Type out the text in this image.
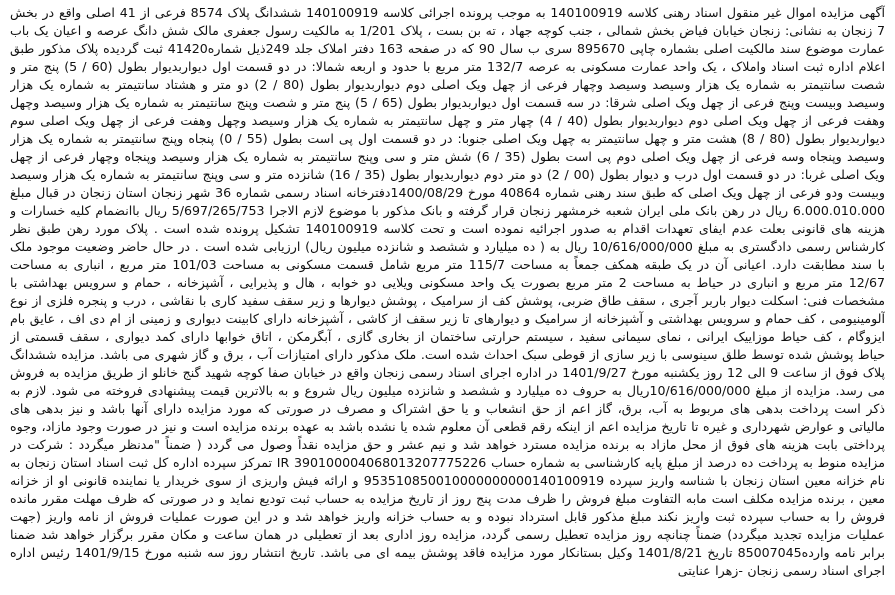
آگهی مزایده اموال غیر منقول اسناد رهنی کلاسه 140100919 به موجب پرونده اجرائی کلاسه 140100919 ششدانگ پلاک 8574 فرعی از 41 اصلی واقع در بخش 7 زنجان به نشانی: زنجان خیابان فیاض بخش شمالی ، جنب کوچه جهاد ، ته بن بست ، پلاک 1/201 به مالکیت رسول جعفری مالک شش دانگ عرصه و اعیان یک باب عمارت موضوع سند مالکیت اصلی بشماره چاپی 895670 سری ب سال 90 که در صفحه 163 دفتر املاک جلد 249ذیل شماره41420 ثبت گردیده پلاک مذکور طبق اعلام اداره ثبت اسناد واملاک ، یک واحد عمارت مسکونی به عرصه 132/7 متر مربع با حدود و اربعه شمالا: در دو قسمت اول دیواربدیوار بطول (60 / 5) پنج متر و شصت سانتیمتر به شماره یک هزار وسیصد وسیصد وچهار فرعی از چهل ویک اصلی دوم دیواربدیوار بطول (80 / 2) دو متر و هشتاد سانتیمتر به شماره یک هزار وسیصد وبیست وپنج فرعی از چهل ویک اصلی شرقا: در سه قسمت اول دیواربدیوار بطول (65 / 5) پنج متر و شصت وپنج سانتیمتر به شماره یک هزار وسیصد وچهل وهفت فرعی از چهل ویک اصلی دوم دیواربدیوار بطول (40 / 4) چهار متر و چهل سانتیمتر به شماره یک هزار وسیصد وچهل وهفت فرعی از چهل ویک اصلی سوم دیواربدیوار بطول (80 / 8) هشت متر و چهل سانتیمتر به چهل ویک اصلی جنوبا: در دو قسمت اول پی است بطول (55 / 0) پنجاه وپنج سانتیمتر به شماره یک هزار وسیصد وپنجاه وسه فرعی از چهل ویک اصلی دوم پی است بطول (35 / 6) شش متر و سی وپنج سانتیمتر به شماره یک هزار وسیصد وپنجاه وچهار فرعی از چهل ویک اصلی غربا: در دو قسمت اول درب و دیوار بطول (00 / 2) دو متر دوم دیواربدیوار بطول (35 / 16) شانزده متر و سی وپنج سانتیمتر به شماره یک هزار وسیصد وبیست ودو فرعی از چهل ویک اصلی که طبق سند رهنی شماره 40864 مورخ 1400/08/29دفترخانه اسناد رسمی شماره 36 شهر زنجان استان زنجان در قبال مبلغ 6.000.010.000 ریال در رهن بانک ملی ایران شعبه خرمشهر زنجان قرار گرفته و بانک مذکور با موضوع لازم الاجرا 5/697/265/753 ریال باانضمام کلیه خسارات و هزینه های قانونی بعلت عدم ایفای تعهدات اقدام به صدور اجرائیه نموده است و تحت کلاسه 140100919 تشکیل پرونده شده است . پلاک مورد رهن طبق نظر کارشناس رسمی دادگستری به مبلغ 10/616/000/000 ریال به ( ده میلیارد و ششصد و شانزده میلیون ریال) ارزیابی شده است . در حال حاضر وضعیت موجود ملک با سند مطابقت دارد. اعیانی آن در یک طبقه همکف جمعاً به مساحت 115/7 متر مربع شامل قسمت مسکونی به مساحت 101/03 متر مربع ، انباری به مساحت 12/67 متر مربع و انباری در حیاط به مساحت 2 متر مربع بصورت یک واحد مسکونی ویلایی دو خوابه ، هال و پذیرایی ، آشپزخانه ، حمام و سرویس بهداشتی با مشخصات فنی: اسکلت دیوار باربر آجری ، سقف طاق ضربی، پوشش کف از سرامیک ، پوشش دیوارها و زیر سقف سفید کاری با نقاشی ، درب و پنجره فلزی از نوع آلومینیومی ، کف حمام و سرویس بهداشتی و آشپزخانه از سرامیک و دیوارهای تا زیر سقف از کاشی ، آشپزخانه دارای کابینت دیواری و زمینی از ام دی اف ، عایق بام ایزوگام ، کف حیاط موزاییک ایرانی ، نمای سیمانی سفید ، سیستم حرارتی ساختمان از بخاری گازی ، آبگرمکن ، اتاق خوابها دارای کمد دیواری ، سقف قسمتی از حیاط پوشش شده توسط طلق سینوسی با زیر سازی از قوطی سبک احداث شده است. ملک مذکور دارای امتیازات آب ، برق و گاز شهری می باشد. مزایده ششدانگ پلاک فوق از ساعت 9 الی 12 روز یکشنبه مورخ 1401/9/27 در اداره اجرای اسناد رسمی زنجان واقع در خیابان صفا کوچه شهید گنج خانلو از طریق مزایده به فروش می رسد. مزایده از مبلغ 10/616/000/000ریال به حروف ده میلیارد و ششصد و شانزده میلیون ریال شروع و به بالاترین قیمت پیشنهادی فروخته می شود. لازم به ذکر است پرداخت بدهی های مربوط به آب، برق، گاز اعم از حق انشعاب و یا حق اشتراک و مصرف در صورتی که مورد مزایده دارای آنها باشد و نیز بدهی های مالیاتی و عوارض شهرداری و غیره تا تاریخ مزایده اعم از اینکه رقم قطعی آن معلوم شده یا نشده باشد به عهده برنده مزایده است و نیز در صورت وجود مازاد، وجوه پرداختی بابت هزینه های فوق از محل مازاد به برنده مزایده مسترد خواهد شد و نیم عشر و حق مزایده نقداً وصول می گردد ( ضمناً "مدنظر میگردد : شرکت در مزایده منوط به پرداخت ده درصد از مبلغ پایه کارشناسی به شماره حساب IR 390100004068013207775226 تمرکز سپرده اداره کل ثبت اسناد استان زنجان به نام خزانه معین استان زنجان با شناسه واریز سپرده 953510850010000000000140100919 و ارائه فیش واریزی از سوی خریدار یا نماینده قانونی او از خزانه معین ، برنده مزایده مکلف است مابه التفاوت مبلغ فروش را ظرف مدت پنج روز از تاریخ مزایده به حساب ثبت تودیع نماید و در صورتی که ظرف مهلت مقرر مانده فروش را به حساب سپرده ثبت واریز نکند مبلغ مذکور قابل استرداد نبوده و به حساب خزانه واریز خواهد شد و در این صورت عملیات فروش از نامه واریز (جهت عملیات مزایده تجدید میگردد) ضمناً چنانچه روز مزایده تعطیل رسمی گردد، مزایده روز اداری بعد از تعطیلی در همان ساعت و مکان مقرر برگزار خواهد شد ضمنا برابر نامه وارده85007045 تاریخ 1401/8/21 وکیل بستانکار مورد مزایده فاقد پوشش بیمه ای می باشد. تاریخ انتشار روز سه شنبه مورخ 1401/9/15 رئیس اداره اجرای اسناد رسمی زنجان -زهرا عنایتی
